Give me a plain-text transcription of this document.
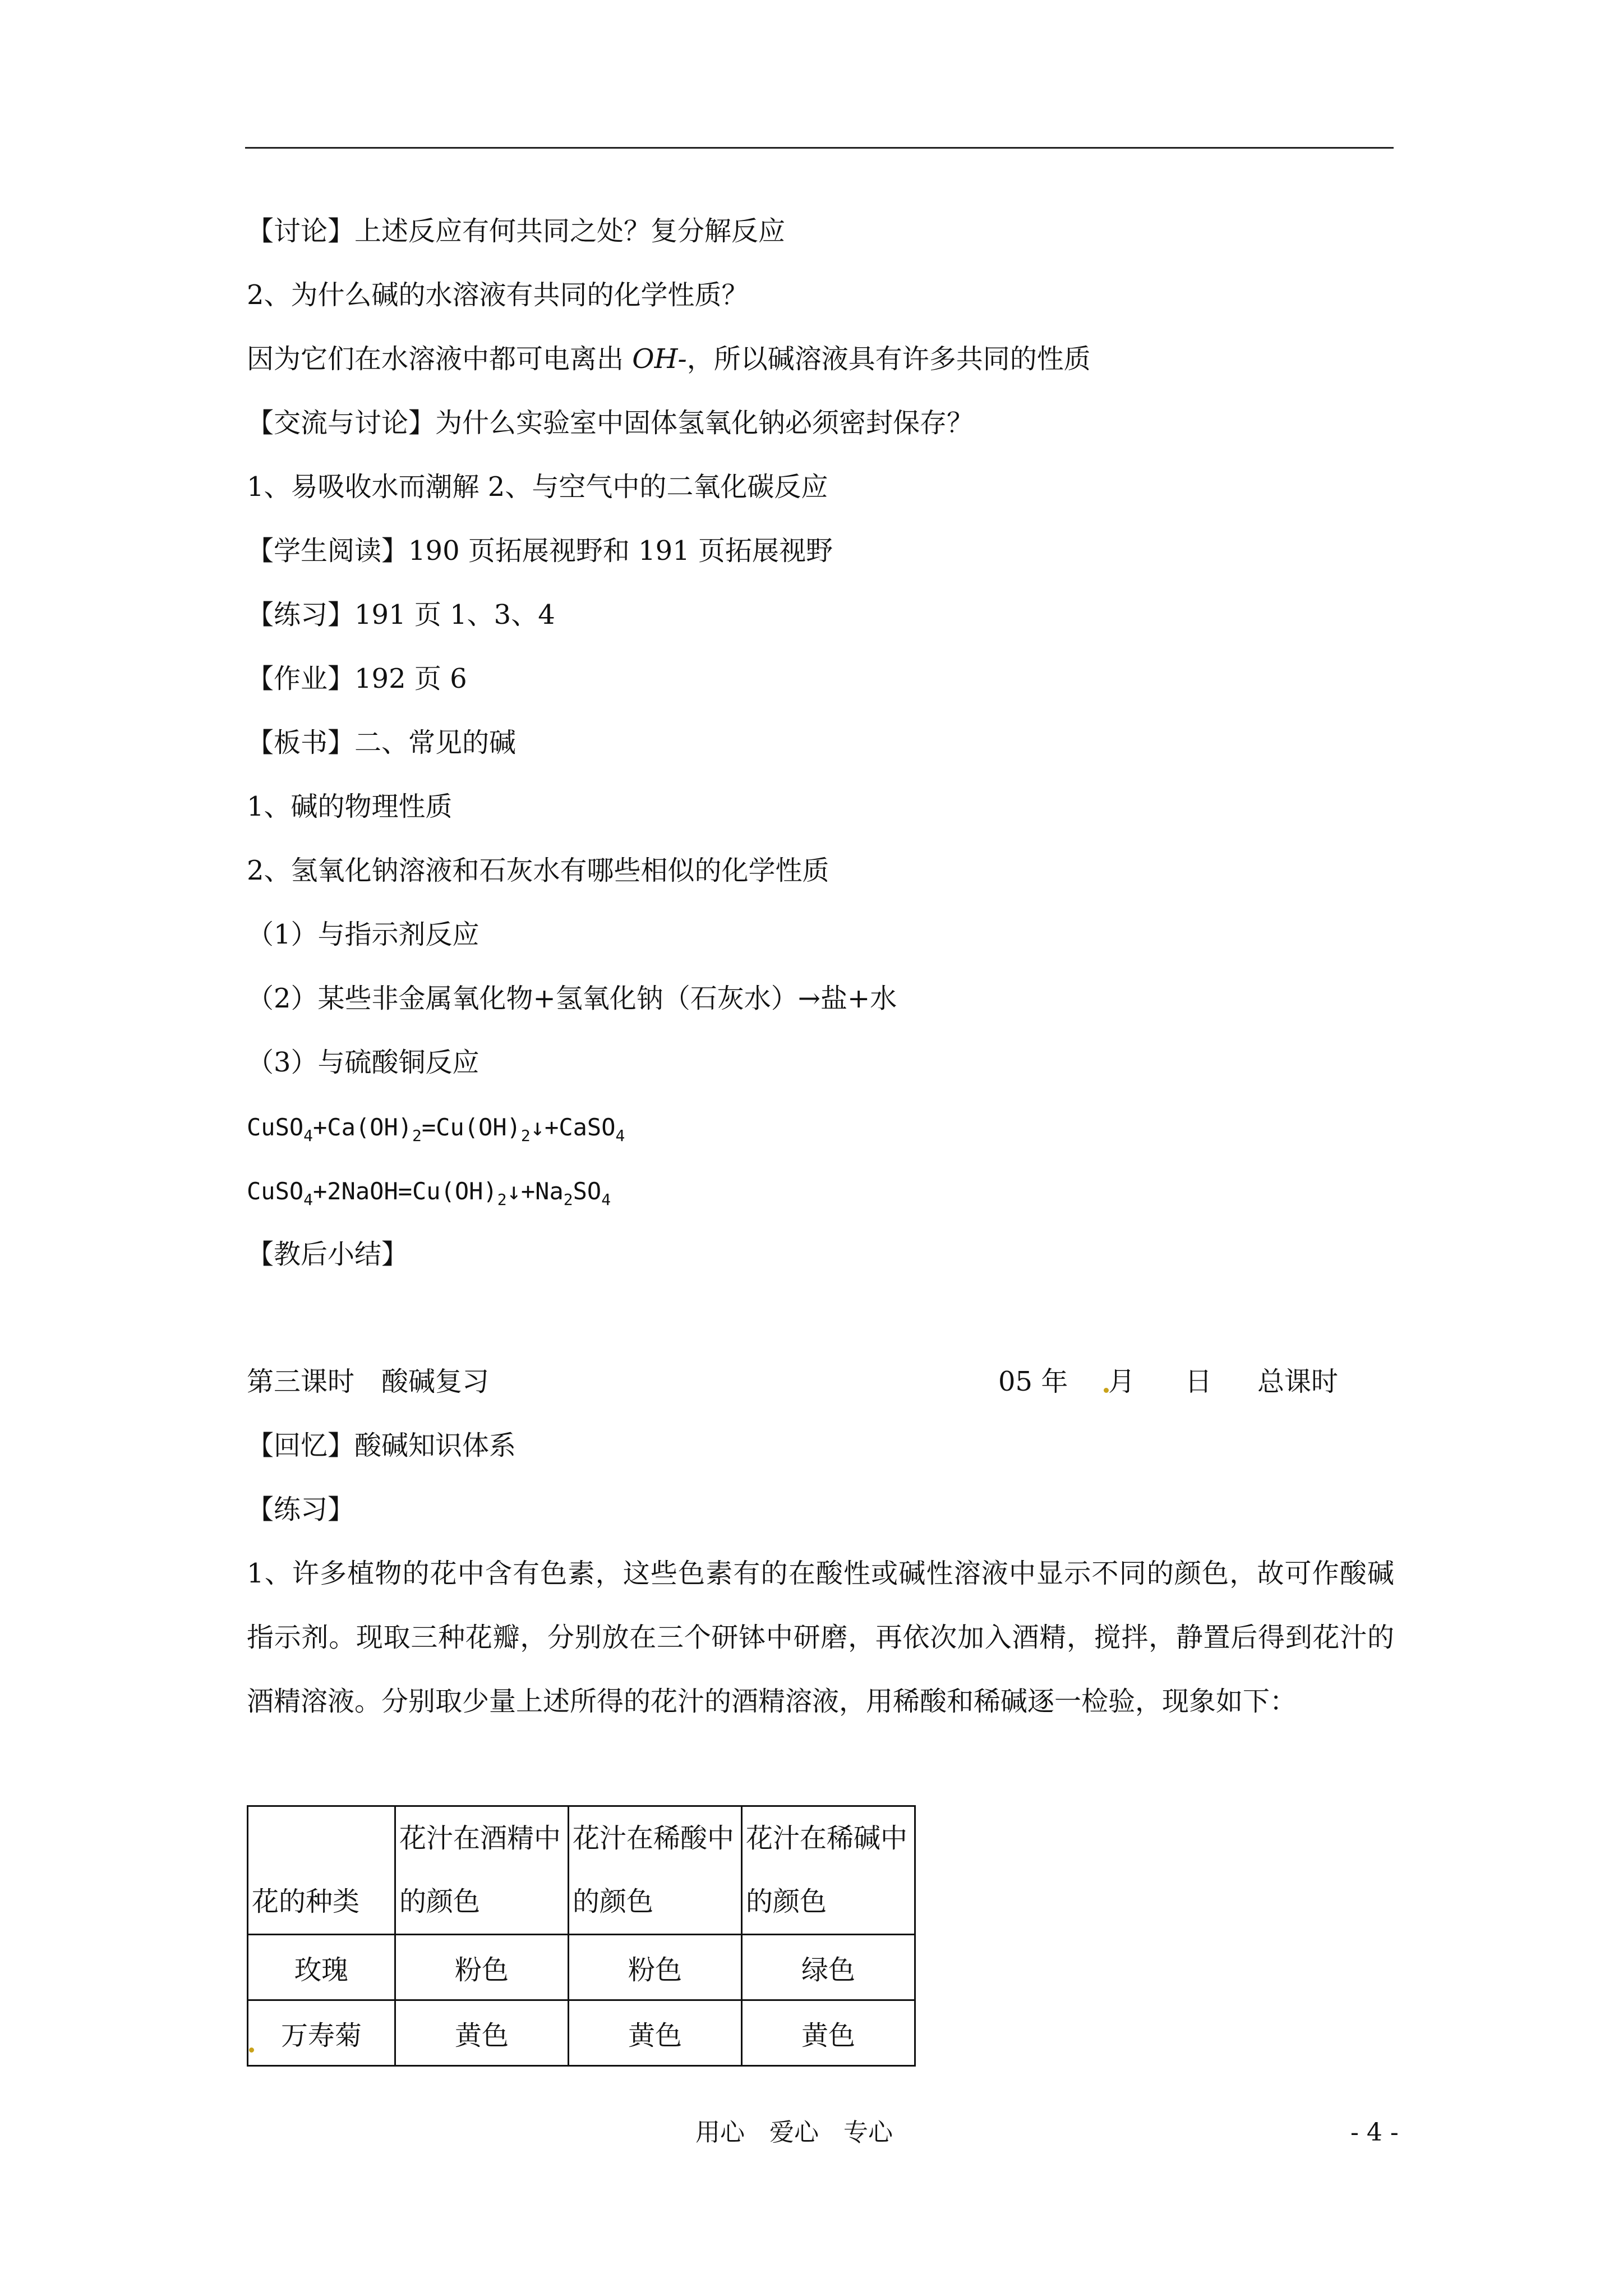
【讨论】上述反应有何共同之处？复分解反应
2、为什么碱的水溶液有共同的化学性质？
因为它们在水溶液中都可电离出 OH-，所以碱溶液具有许多共同的性质
【交流与讨论】为什么实验室中固体氢氧化钠必须密封保存？
1、易吸收水而潮解 2、与空气中的二氧化碳反应
【学生阅读】190 页拓展视野和 191 页拓展视野
【练习】191 页 1、3、4
【作业】192 页 6
【板书】二、常见的碱
1、碱的物理性质
2、氢氧化钠溶液和石灰水有哪些相似的化学性质
（1）与指示剂反应
（2）某些非金属氧化物+氢氧化钠（石灰水）→盐+水
（3）与硫酸铜反应
$CuSO_4+Ca(OH)_2=Cu(OH)_2↓+CaSO_4$
$CuSO_4+2NaOH=Cu(OH)_2↓+Na_2SO_4$
【教后小结】
第三课时　酸碱复习	05 年 月 日 总课时
【回忆】酸碱知识体系
【练习】
1、许多植物的花中含有色素，这些色素有的在酸性或碱性溶液中显示不同的颜色，故可作酸碱指示剂。现取三种花瓣，分别放在三个研钵中研磨，再依次加入酒精，搅拌，静置后得到花汁的酒精溶液。分别取少量上述所得的花汁的酒精溶液，用稀酸和稀碱逐一检验，现象如下：
花的种类	花汁在酒精中的颜色	花汁在稀酸中的颜色	花汁在稀碱中的颜色
玫瑰	粉色	粉色	绿色
万寿菊	黄色	黄色	黄色
用心　爱心　专心	- 4 -
